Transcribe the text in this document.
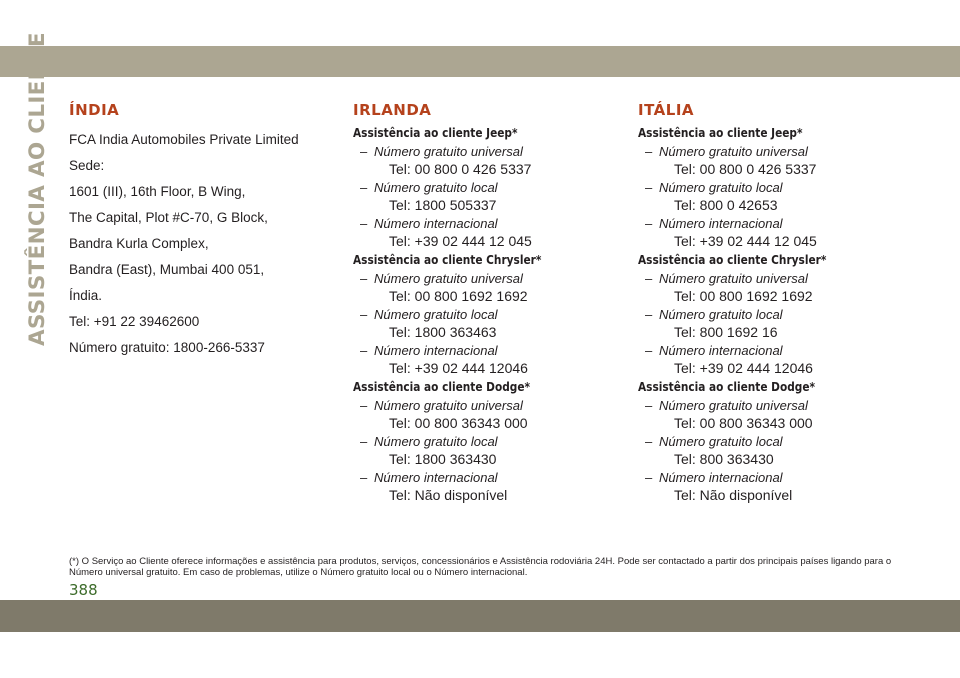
ASSISTÊNCIA AO CLIENTE ÍNDIA
FCA India Automobiles Private Limited
Sede:
1601 (III), 16th Floor, B Wing,
The Capital, Plot #C-70, G Block,
Bandra Kurla Complex,
Bandra (East), Mumbai 400 051,
Índia.
Tel: +91 22 39462600
Número gratuito: 1800-266-5337
IRLANDA
Assistência ao cliente Jeep*
– Número gratuito universal
Tel: 00 800 0 426 5337
– Número gratuito local
Tel: 1800 505337
– Número internacional
Tel: +39 02 444 12 045
Assistência ao cliente Chrysler*
– Número gratuito universal
Tel: 00 800 1692 1692
– Número gratuito local
Tel: 1800 363463
– Número internacional
Tel: +39 02 444 12046
Assistência ao cliente Dodge*
– Número gratuito universal
Tel: 00 800 36343 000
– Número gratuito local
Tel: 1800 363430
– Número internacional
Tel: Não disponível
ITÁLIA
Assistência ao cliente Jeep*
– Número gratuito universal
Tel: 00 800 0 426 5337
– Número gratuito local
Tel: 800 0 42653
– Número internacional
Tel: +39 02 444 12 045
Assistência ao cliente Chrysler*
– Número gratuito universal
Tel: 00 800 1692 1692
– Número gratuito local
Tel: 800 1692 16
– Número internacional
Tel: +39 02 444 12046
Assistência ao cliente Dodge*
– Número gratuito universal
Tel: 00 800 36343 000
– Número gratuito local
Tel: 800 363430
– Número internacional
Tel: Não disponível
(*) O Serviço ao Cliente oferece informações e assistência para produtos, serviços, concessionários e Assistência rodoviária 24H. Pode ser contactado a partir dos principais países ligando para o Número universal gratuito. Em caso de problemas, utilize o Número gratuito local ou o Número internacional.
388
